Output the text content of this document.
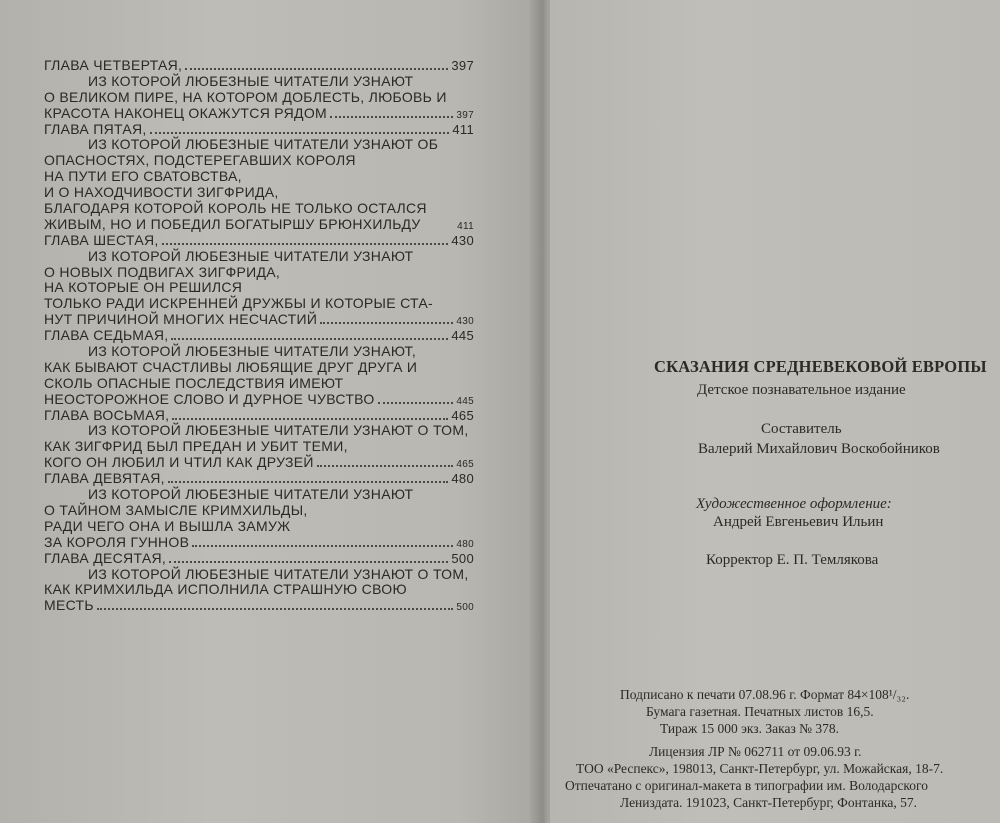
ГЛАВА ЧЕТВЕРТАЯ,	397
ИЗ КОТОРОЙ ЛЮБЕЗНЫЕ ЧИТАТЕЛИ УЗНАЮТ
О ВЕЛИКОМ ПИРЕ, НА КОТОРОМ ДОБЛЕСТЬ, ЛЮБОВЬ И
КРАСОТА НАКОНЕЦ ОКАЖУТСЯ РЯДОМ	397
ГЛАВА ПЯТАЯ,	411
ИЗ КОТОРОЙ ЛЮБЕЗНЫЕ ЧИТАТЕЛИ УЗНАЮТ ОБ
ОПАСНОСТЯХ, ПОДСТЕРЕГАВШИХ КОРОЛЯ
НА ПУТИ ЕГО СВАТОВСТВА,
И О НАХОДЧИВОСТИ ЗИГФРИДА,
БЛАГОДАРЯ КОТОРОЙ КОРОЛЬ НЕ ТОЛЬКО ОСТАЛСЯ
ЖИВЫМ, НО И ПОБЕДИЛ БОГАТЫРШУ БРЮНХИЛЬДУ	411
ГЛАВА ШЕСТАЯ,	430
ИЗ КОТОРОЙ ЛЮБЕЗНЫЕ ЧИТАТЕЛИ УЗНАЮТ
О НОВЫХ ПОДВИГАХ ЗИГФРИДА,
НА КОТОРЫЕ ОН РЕШИЛСЯ
ТОЛЬКО РАДИ ИСКРЕННЕЙ ДРУЖБЫ И КОТОРЫЕ СТА-
НУТ ПРИЧИНОЙ МНОГИХ НЕСЧАСТИЙ	430
ГЛАВА СЕДЬМАЯ,	445
ИЗ КОТОРОЙ ЛЮБЕЗНЫЕ ЧИТАТЕЛИ УЗНАЮТ,
КАК БЫВАЮТ СЧАСТЛИВЫ ЛЮБЯЩИЕ ДРУГ ДРУГА И
СКОЛЬ ОПАСНЫЕ ПОСЛЕДСТВИЯ ИМЕЮТ
НЕОСТОРОЖНОЕ СЛОВО И ДУРНОЕ ЧУВСТВО	445
ГЛАВА ВОСЬМАЯ,	465
ИЗ КОТОРОЙ ЛЮБЕЗНЫЕ ЧИТАТЕЛИ УЗНАЮТ О ТОМ,
КАК ЗИГФРИД БЫЛ ПРЕДАН И УБИТ ТЕМИ,
КОГО ОН ЛЮБИЛ И ЧТИЛ КАК ДРУЗЕЙ	465
ГЛАВА ДЕВЯТАЯ,	480
ИЗ КОТОРОЙ ЛЮБЕЗНЫЕ ЧИТАТЕЛИ УЗНАЮТ
О ТАЙНОМ ЗАМЫСЛЕ КРИМХИЛЬДЫ,
РАДИ ЧЕГО ОНА И ВЫШЛА ЗАМУЖ
ЗА КОРОЛЯ ГУННОВ	480
ГЛАВА ДЕСЯТАЯ,	500
ИЗ КОТОРОЙ ЛЮБЕЗНЫЕ ЧИТАТЕЛИ УЗНАЮТ О ТОМ,
КАК КРИМХИЛЬДА ИСПОЛНИЛА СТРАШНУЮ СВОЮ
МЕСТЬ	500
СКАЗАНИЯ СРЕДНЕВЕКОВОЙ ЕВРОПЫ
Детское познавательное издание
Составитель
Валерий Михайлович Воскобойников
Художественное оформление:
Андрей Евгеньевич Ильин
Корректор Е. П. Темлякова
Подписано к печати 07.08.96 г. Формат 84×108¹/₃₂.
Бумага газетная. Печатных листов 16,5.
Тираж 15 000 экз. Заказ № 378.
Лицензия ЛР № 062711 от 09.06.93 г.
ТОО «Респекс», 198013, Санкт-Петербург, ул. Можайская, 18-7.
Отпечатано с оригинал-макета в типографии им. Володарского
Лениздата. 191023, Санкт-Петербург, Фонтанка, 57.
